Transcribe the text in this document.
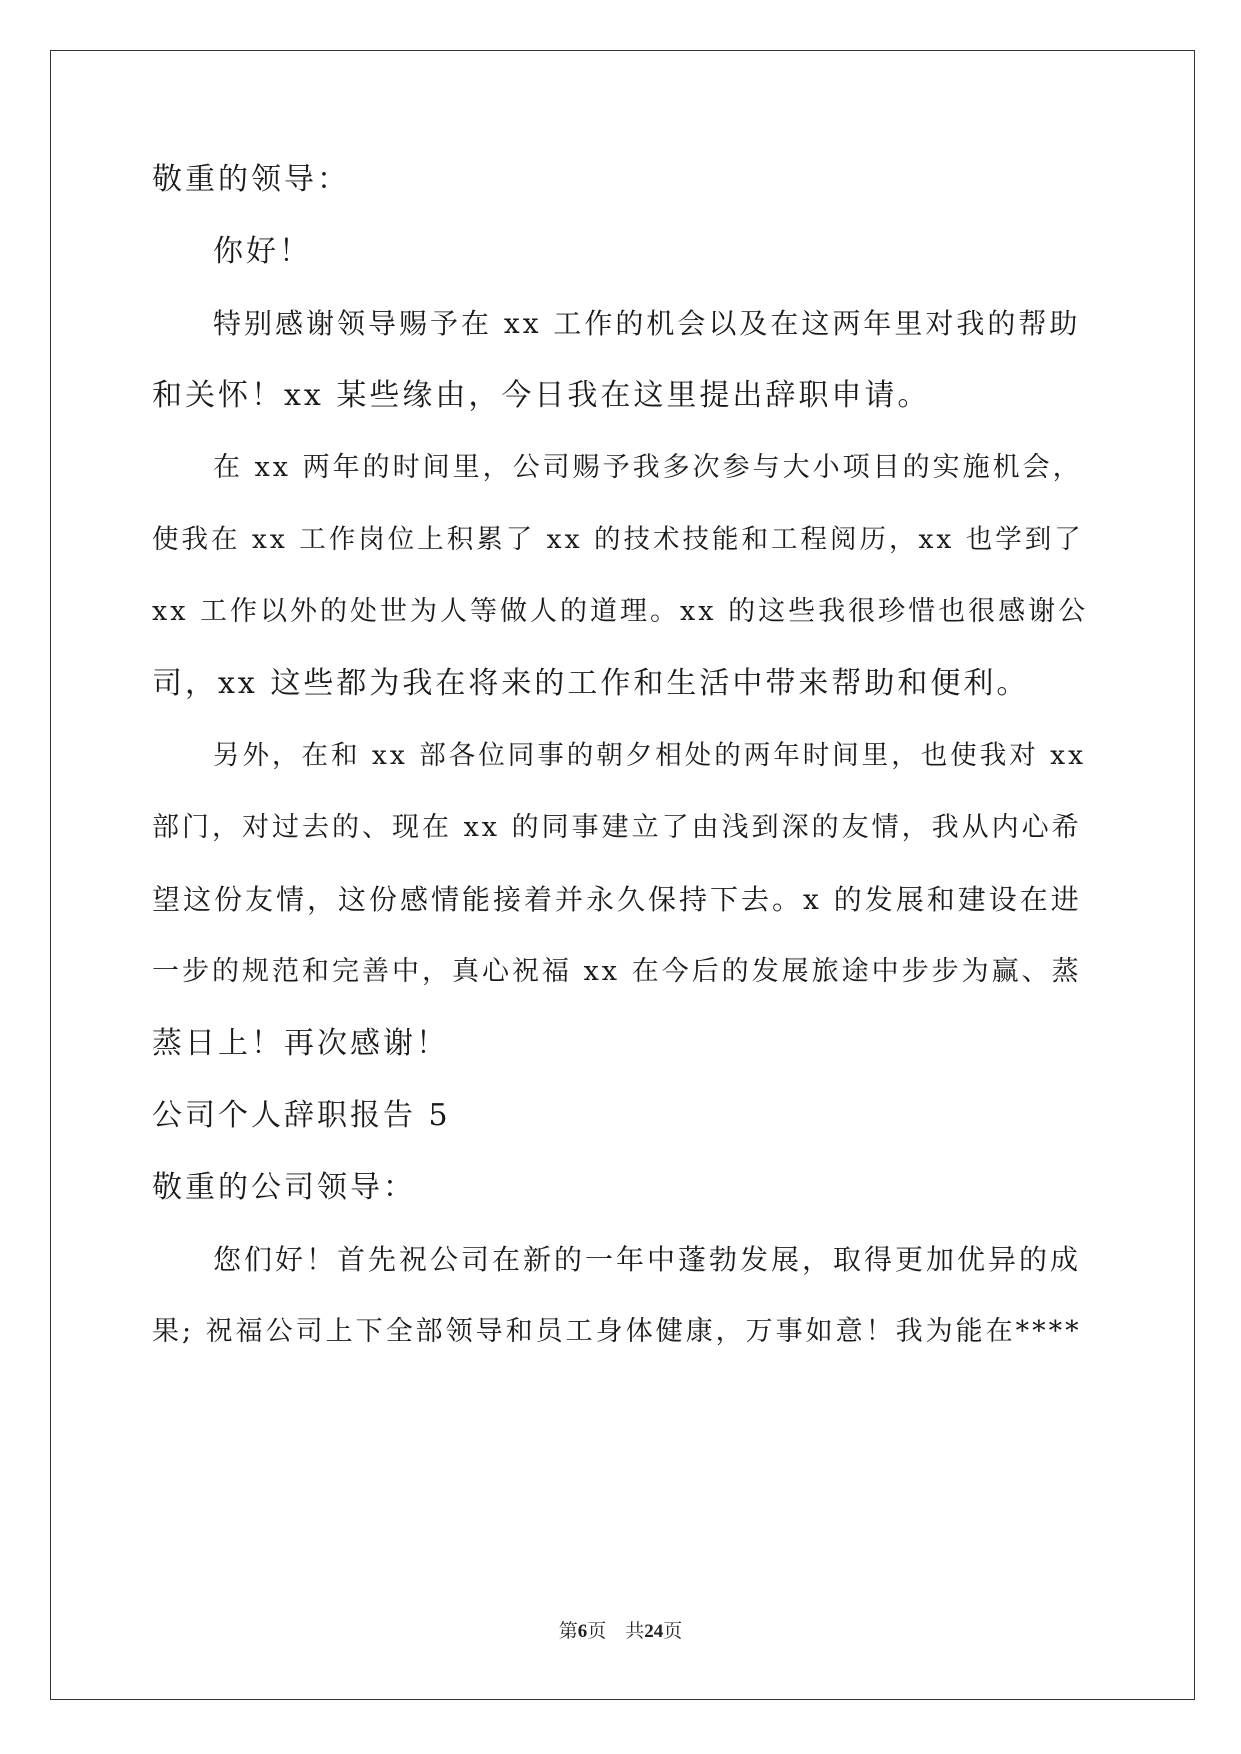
敬重的领导：
你好！
特别感谢领导赐予在 xx 工作的机会以及在这两年里对我的帮助
和关怀！xx 某些缘由，今日我在这里提出辞职申请。
在 xx 两年的时间里，公司赐予我多次参与大小项目的实施机会，
使我在 xx 工作岗位上积累了 xx 的技术技能和工程阅历，xx 也学到了
xx 工作以外的处世为人等做人的道理。xx 的这些我很珍惜也很感谢公
司，xx 这些都为我在将来的工作和生活中带来帮助和便利。
另外，在和 xx 部各位同事的朝夕相处的两年时间里，也使我对 xx
部门，对过去的、现在 xx 的同事建立了由浅到深的友情，我从内心希
望这份友情，这份感情能接着并永久保持下去。x 的发展和建设在进
一步的规范和完善中，真心祝福 xx 在今后的发展旅途中步步为赢、蒸
蒸日上！再次感谢！
公司个人辞职报告 5
敬重的公司领导：
您们好！首先祝公司在新的一年中蓬勃发展，取得更加优异的成
果; 祝福公司上下全部领导和员工身体健康，万事如意！我为能在****
第6页　共24页
